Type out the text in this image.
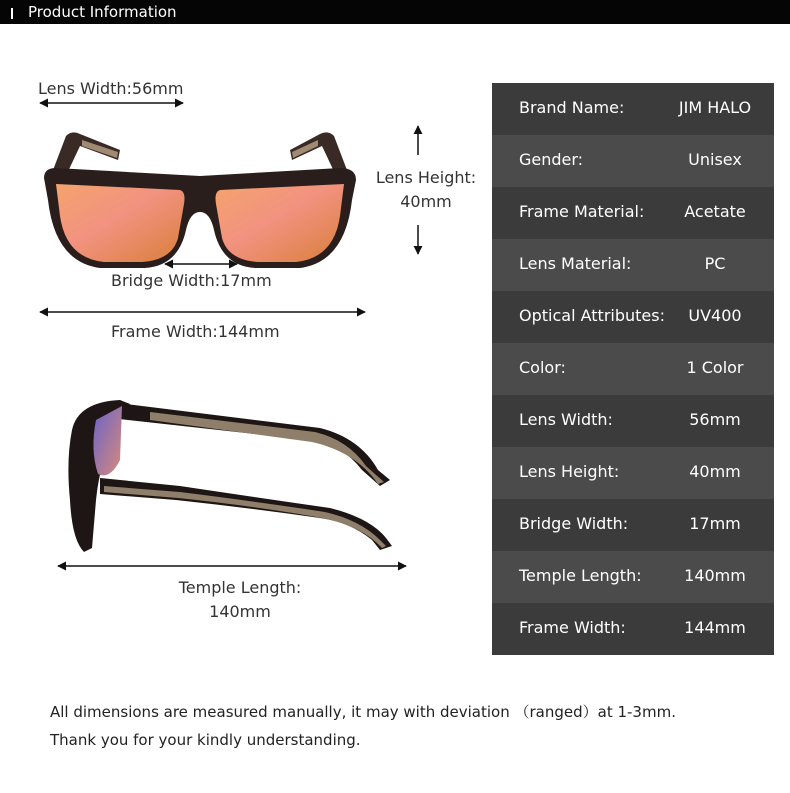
Product Information
Lens Width:56mm
Lens Height:
40mm
Bridge Width:17mm
Frame Width:144mm
Temple Length:
140mm
Brand Name:	JIM HALO
Gender:	Unisex
Frame Material:	Acetate
Lens Material:	PC
Optical Attributes:	UV400
Color:	1 Color
Lens Width:	56mm
Lens Height:	40mm
Bridge Width:	17mm
Temple Length:	140mm
Frame Width:	144mm
All dimensions are measured manually, it may with deviation （ranged）at 1-3mm.
Thank you for your kindly understanding.
